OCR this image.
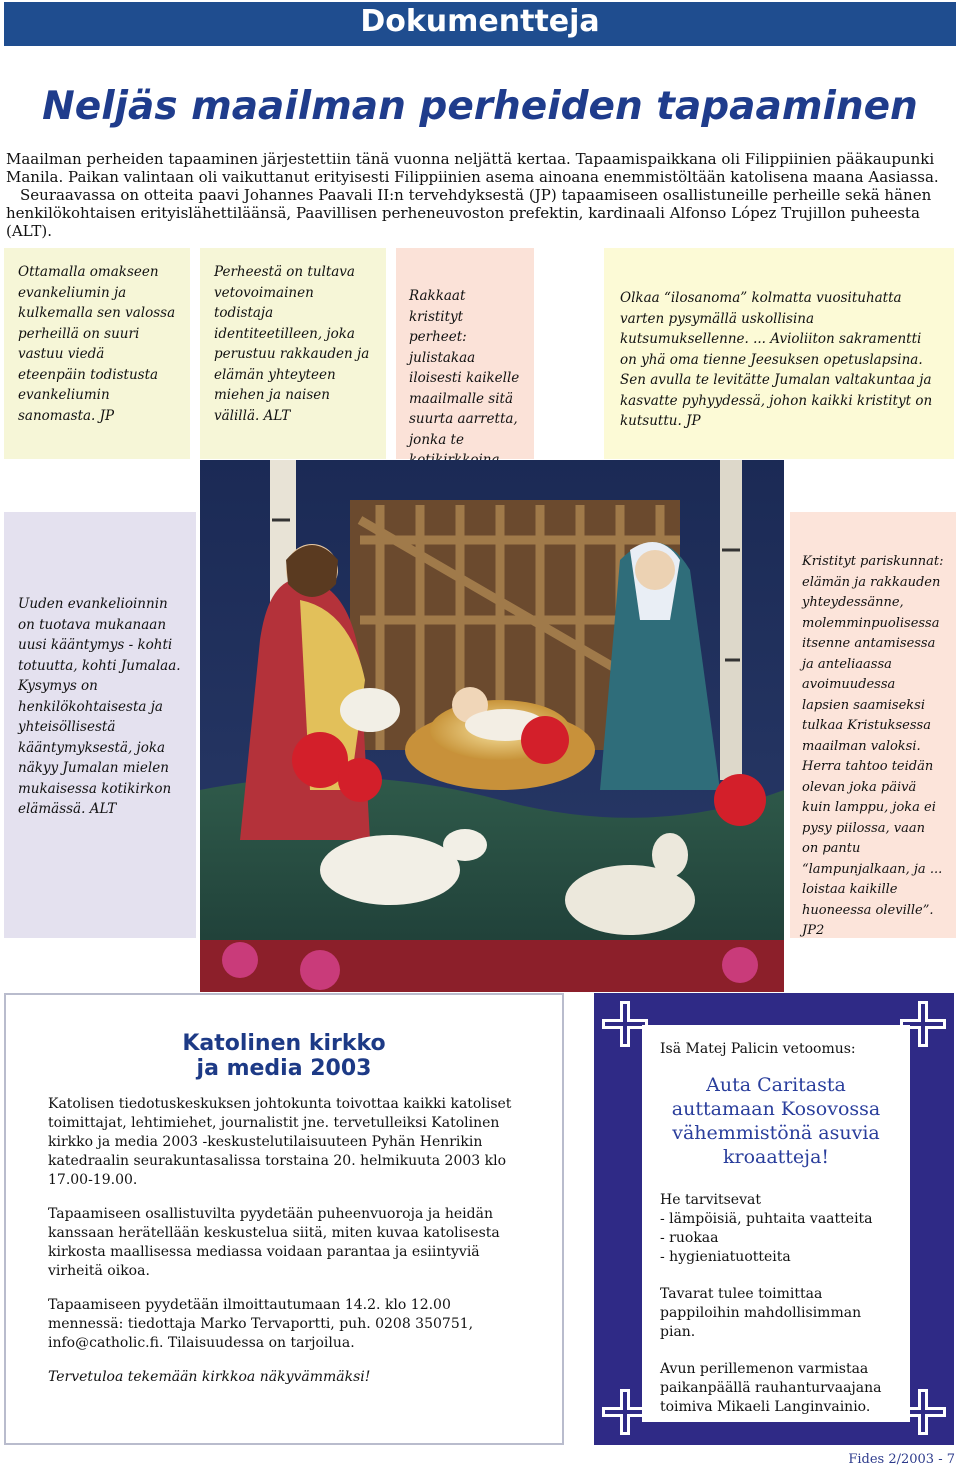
Dokumentteja
Neljäs maailman perheiden tapaaminen

Maailman perheiden tapaaminen järjestettiin tänä vuonna neljättä kertaa. Tapaamispaikkana oli Filippiinien pääkaupunki Manila. Paikan valintaan oli vaikuttanut erityisesti Filippiinien asema ainoana enemmistöltään katolisena maana Aasiassa.

Seuraavassa on otteita paavi Johannes Paavali II:n tervehdyksestä (JP) tapaamiseen osallistuneille perheille sekä hänen henkilökohtaisen erityislähettiläänsä, Paavillisen perheneuvoston prefektin, kardinaali Alfonso López Trujillon puheesta (ALT).

Ottamalla omakseen evankeliumin ja kulkemalla sen valossa perheillä on suuri vastuu viedä eteenpäin todistusta evankeliumin sanomasta. JP
Perheestä on tultava vetovoimainen todistaja identiteetilleen, joka perustuu rakkauden ja elämän yhteyteen miehen ja naisen välillä. ALT
Rakkaat kristityt perheet: julistakaa iloisesti kaikelle maailmalle sitä suurta aarretta, jonka te
Olkaa “ilosanoma” kolmatta vuosituhatta varten pysymällä uskollisina kutsumuksellenne. ... Avioliiton sakramentti on yhä oma tienne Jeesuksen opetuslapsina. Sen avulla te levitätte Jumalan valtakuntaa ja kasvatte pyhyydessä, johon kaikki kristityt on kutsuttu. JP
Uuden evankelioinnin on tuotava mukanaan uusi kääntymys - kohti totuutta, kohti Jumalaa. Kysymys on henkilökohtaisesta ja yhteisöllisestä kääntymyksestä, joka näkyy Jumalan mielen mukaisessa kotikirkon elämässä. ALT
Kristityt pariskunnat: elämän ja rakkauden yhteydessänne, molemminpuolisessa itsenne antamisessa ja anteliaassa avoimuudessa lapsien saamiseksi tulkaa Kristuksessa maailman valoksi. Herra tahtoo teidän olevan joka päivä kuin lamppu, joka ei pysy piilossa, vaan on pantu “lampunjalkaan, ja ... loistaa kaikille huoneessa oleville”. JP2
Katolinen kirkko
ja media 2003

Katolisen tiedotuskeskuksen johtokunta toivottaa kaikki katoliset toimittajat, lehtimiehet, journalistit jne. tervetulleiksi Katolinen kirkko ja media 2003 -keskustelutilaisuuteen Pyhän Henrikin katedraalin seurakuntasalissa torstaina 20. helmikuuta 2003 klo 17.00-19.00.

Tapaamiseen osallistuvilta pyydetään puheenvuoroja ja heidän kanssaan herätellään keskustelua siitä, miten kuvaa katolisesta kirkosta maallisessa mediassa voidaan parantaa ja esiintyviä virheitä oikoa.

Tapaamiseen pyydetään ilmoittautumaan 14.2. klo 12.00 mennessä: tiedottaja Marko Tervaportti, puh. 0208 350751, info@catholic.fi. Tilaisuudessa on tarjoilua.

Tervetuloa tekemään kirkkoa näkyvämmäksi!

Isä Matej Palicin vetoomus:
Auta Caritasta auttamaan Kosovossa vähemmistönä asuvia kroaatteja!
He tarvitsevat
- lämpöisiä, puhtaita vaatteita
- ruokaa
- hygieniatuotteita
Tavarat tulee toimittaa pappiloihin mahdollisimman pian.
Avun perillemenon varmistaa paikanpäällä rauhanturvaajana toimiva Mikaeli Langinvainio.
Fides 2/2003 - 7
